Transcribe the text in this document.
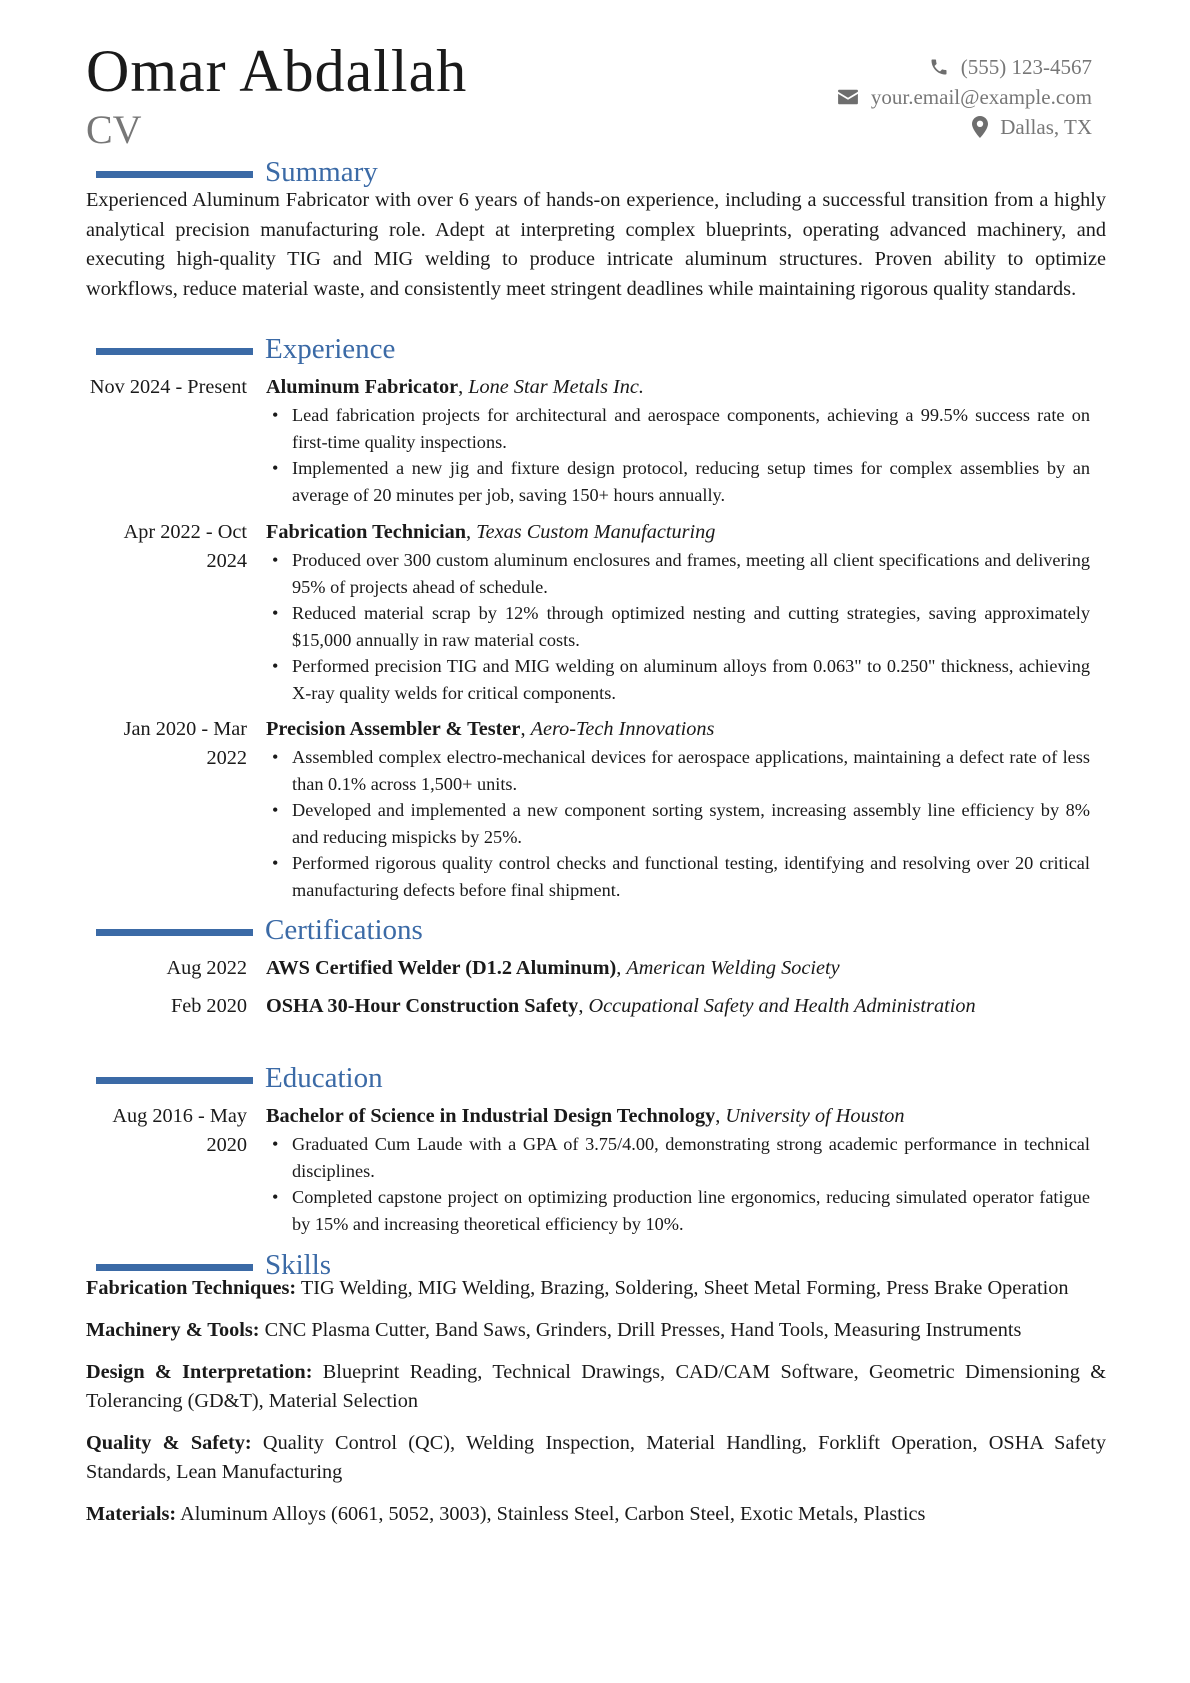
Omar Abdallah
CV
(555) 123-4567
your.email@example.com
Dallas, TX
Summary

Experienced Aluminum Fabricator with over 6 years of hands-on experience, including a successful transition from a highly analytical precision manufacturing role. Adept at interpreting complex blueprints, operating advanced machinery, and executing high-quality TIG and MIG welding to produce intricate aluminum structures. Proven ability to optimize workflows, reduce material waste, and consistently meet stringent deadlines while maintaining rigorous quality standards.

Experience
Nov 2024 - Present Aluminum Fabricator, Lone Star Metals Inc.
• Lead fabrication projects for architectural and aerospace components, achieving a 99.5% success rate on first-time quality inspections.
• Implemented a new jig and fixture design protocol, reducing setup times for complex assemblies by an average of 20 minutes per job, saving 150+ hours annually.
Apr 2022 - Oct 2024
Fabrication Technician, Texas Custom Manufacturing
• Produced over 300 custom aluminum enclosures and frames, meeting all client specifications and delivering 95% of projects ahead of schedule.
• Reduced material scrap by 12% through optimized nesting and cutting strategies, saving approximately $15,000 annually in raw material costs.
• Performed precision TIG and MIG welding on aluminum alloys from 0.063" to 0.250" thickness, achieving X-ray quality welds for critical components.
Jan 2020 - Mar 2022
Precision Assembler & Tester, Aero-Tech Innovations
• Assembled complex electro-mechanical devices for aerospace applications, maintaining a defect rate of less than 0.1% across 1,500+ units.
• Developed and implemented a new component sorting system, increasing assembly line efficiency by 8% and reducing mispicks by 25%.
• Performed rigorous quality control checks and functional testing, identifying and resolving over 20 critical manufacturing defects before final shipment.
Certifications
Aug 2022 AWS Certified Welder (D1.2 Aluminum), American Welding Society
Feb 2020 OSHA 30-Hour Construction Safety, Occupational Safety and Health Administration
Education
Aug 2016 - May 2020
Bachelor of Science in Industrial Design Technology, University of Houston
• Graduated Cum Laude with a GPA of 3.75/4.00, demonstrating strong academic performance in technical disciplines.
• Completed capstone project on optimizing production line ergonomics, reducing simulated operator fatigue by 15% and increasing theoretical efficiency by 10%.
Skills
Fabrication Techniques: TIG Welding, MIG Welding, Brazing, Soldering, Sheet Metal Forming, Press Brake Operation
Machinery & Tools: CNC Plasma Cutter, Band Saws, Grinders, Drill Presses, Hand Tools, Measuring Instruments
Design & Interpretation: Blueprint Reading, Technical Drawings, CAD/CAM Software, Geometric Dimensioning & Tolerancing (GD&T), Material Selection
Quality & Safety: Quality Control (QC), Welding Inspection, Material Handling, Forklift Operation, OSHA Safety Standards, Lean Manufacturing
Materials: Aluminum Alloys (6061, 5052, 3003), Stainless Steel, Carbon Steel, Exotic Metals, Plastics
